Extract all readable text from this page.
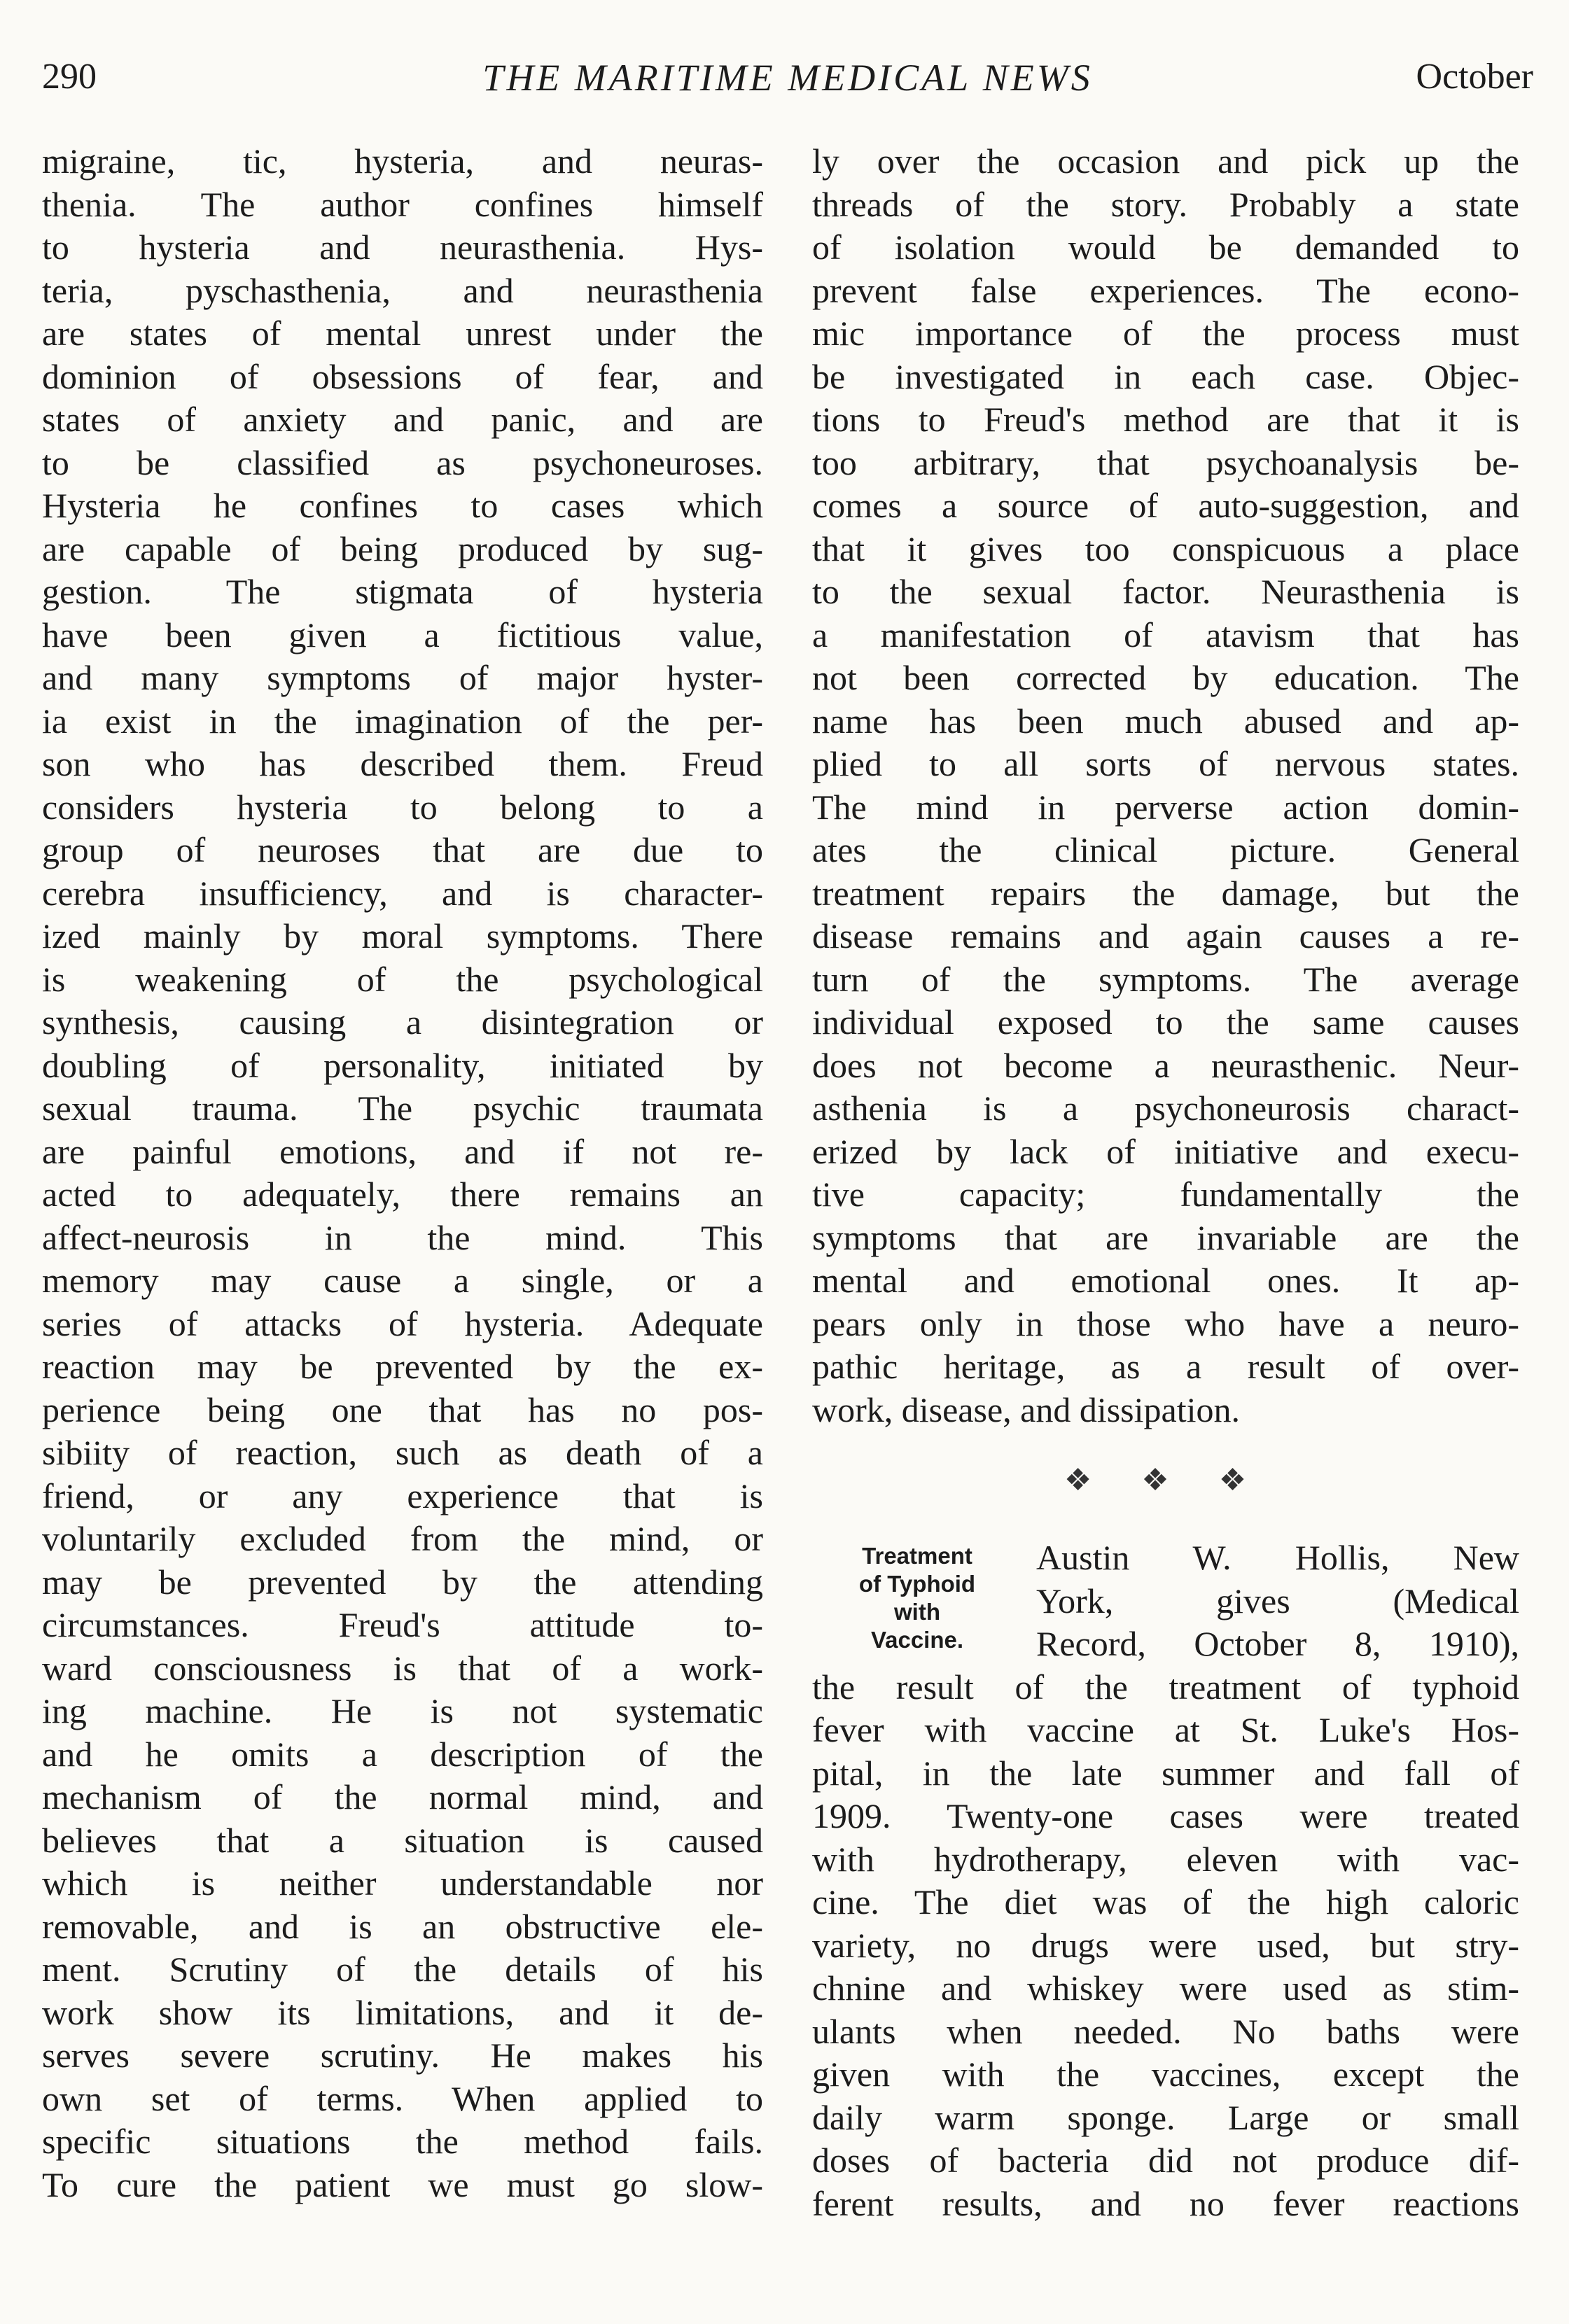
290	THE MARITIME MEDICAL NEWS	October
migraine, tic, hysteria, and neuras-
thenia. The author confines himself
to hysteria and neurasthenia. Hys-
teria, pyschasthenia, and neurasthenia
are states of mental unrest under the
dominion of obsessions of fear, and
states of anxiety and panic, and are
to be classified as psychoneuroses.
Hysteria he confines to cases which
are capable of being produced by sug-
gestion. The stigmata of hysteria
have been given a fictitious value,
and many symptoms of major hyster-
ia exist in the imagination of the per-
son who has described them. Freud
considers hysteria to belong to a
group of neuroses that are due to
cerebra insufficiency, and is character-
ized mainly by moral symptoms. There
is weakening of the psychological
synthesis, causing a disintegration or
doubling of personality, initiated by
sexual trauma. The psychic traumata
are painful emotions, and if not re-
acted to adequately, there remains an
affect-neurosis in the mind. This
memory may cause a single, or a
series of attacks of hysteria. Adequate
reaction may be prevented by the ex-
perience being one that has no pos-
sibiity of reaction, such as death of a
friend, or any experience that is
voluntarily excluded from the mind, or
may be prevented by the attending
circumstances. Freud's attitude to-
ward consciousness is that of a work-
ing machine. He is not systematic
and he omits a description of the
mechanism of the normal mind, and
believes that a situation is caused
which is neither understandable nor
removable, and is an obstructive ele-
ment. Scrutiny of the details of his
work show its limitations, and it de-
serves severe scrutiny. He makes his
own set of terms. When applied to
specific situations the method fails.
To cure the patient we must go slow-
ly over the occasion and pick up the
threads of the story. Probably a state
of isolation would be demanded to
prevent false experiences. The econo-
mic importance of the process must
be investigated in each case. Objec-
tions to Freud's method are that it is
too arbitrary, that psychoanalysis be-
comes a source of auto-suggestion, and
that it gives too conspicuous a place
to the sexual factor. Neurasthenia is
a manifestation of atavism that has
not been corrected by education. The
name has been much abused and ap-
plied to all sorts of nervous states.
The mind in perverse action domin-
ates the clinical picture. General
treatment repairs the damage, but the
disease remains and again causes a re-
turn of the symptoms. The average
individual exposed to the same causes
does not become a neurasthenic. Neur-
asthenia is a psychoneurosis charact-
erized by lack of initiative and execu-
tive capacity; fundamentally the
symptoms that are invariable are the
mental and emotional ones. It ap-
pears only in those who have a neuro-
pathic heritage, as a result of over-
work, disease, and dissipation.
❖ ❖ ❖
Treatment
of Typhoid
with
Vaccine.
Austin W. Hollis, New
York, gives (Medical
Record, October 8, 1910),
the result of the treatment of typhoid
fever with vaccine at St. Luke's Hos-
pital, in the late summer and fall of
1909. Twenty-one cases were treated
with hydrotherapy, eleven with vac-
cine. The diet was of the high caloric
variety, no drugs were used, but stry-
chnine and whiskey were used as stim-
ulants when needed. No baths were
given with the vaccines, except the
daily warm sponge. Large or small
doses of bacteria did not produce dif-
ferent results, and no fever reactions
